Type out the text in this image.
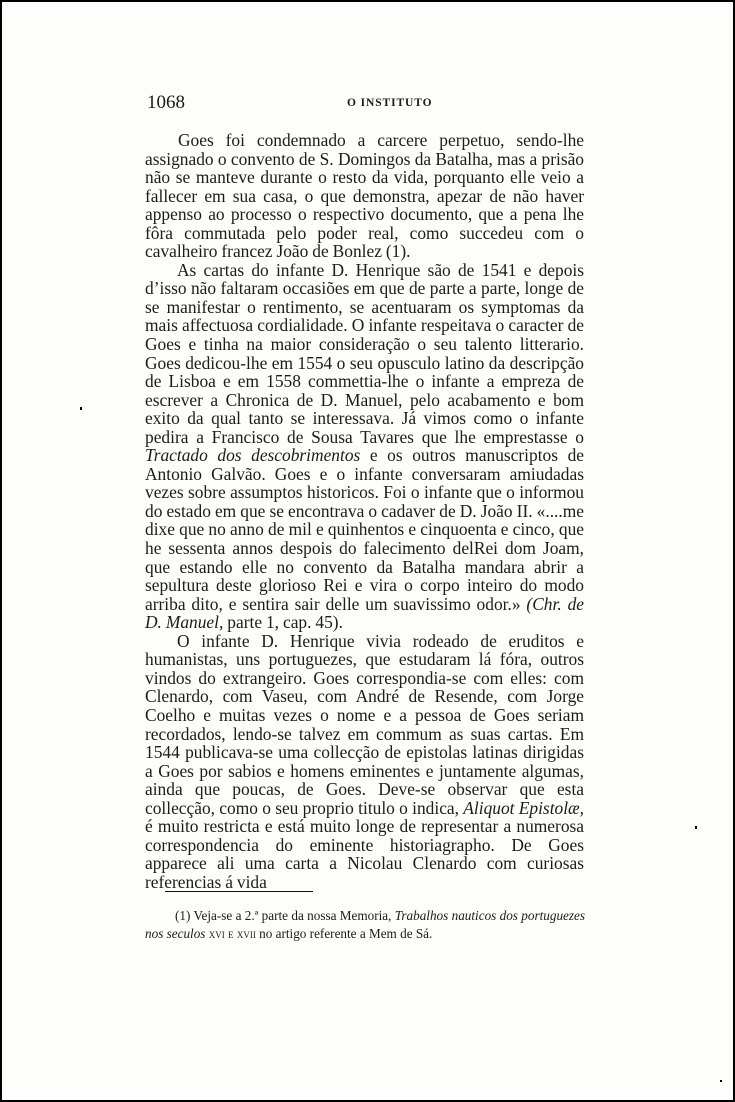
1068	O INSTITUTO

Goes foi condemnado a carcere perpetuo, sendo-lhe assignado o convento de S. Domingos da Batalha, mas a prisão não se manteve durante o resto da vida, porquanto elle veio a fallecer em sua casa, o que demonstra, apezar de não haver appenso ao processo o respectivo documento, que a pena lhe fôra commutada pelo poder real, como succedeu com o cavalheiro francez João de Bonlez (1).

As cartas do infante D. Henrique são de 1541 e depois d’isso não faltaram occasiões em que de parte a parte, longe de se manifestar o rentimento, se acentuaram os symptomas da mais affectuosa cordialidade. O infante respeitava o caracter de Goes e tinha na maior consideração o seu talento litterario. Goes dedicou-lhe em 1554 o seu opusculo latino da descripção de Lisboa e em 1558 commettia-lhe o infante a empreza de escrever a Chronica de D. Manuel, pelo acabamento e bom exito da qual tanto se interessava. Já vimos como o infante pedira a Francisco de Sousa Tavares que lhe emprestasse o Tractado dos descobrimentos e os outros manuscriptos de Antonio Galvão. Goes e o infante conversaram amiudadas vezes sobre assumptos historicos. Foi o infante que o informou do estado em que se encontrava o cadaver de D. João II. «....me dixe que no anno de mil e quinhentos e cinquoenta e cinco, que he sessenta annos despois do falecimento delRei dom Joam, que estando elle no convento da Batalha mandara abrir a sepultura deste glorioso Rei e vira o corpo inteiro do modo arriba dito, e sentira sair delle um suavissimo odor.» (Chr. de D. Manuel, parte 1, cap. 45).

O infante D. Henrique vivia rodeado de eruditos e humanistas, uns portuguezes, que estudaram lá fóra, outros vindos do extrangeiro. Goes correspondia-se com elles: com Clenardo, com Vaseu, com André de Resende, com Jorge Coelho e muitas vezes o nome e a pessoa de Goes seriam recordados, lendo-se talvez em commum as suas cartas. Em 1544 publicava-se uma collecção de epistolas latinas dirigidas a Goes por sabios e homens eminentes e juntamente algumas, ainda que poucas, de Goes. Deve-se observar que esta collecção, como o seu proprio titulo o indica, Aliquot Epistolæ, é muito restricta e está muito longe de representar a numerosa correspondencia do eminente historiagrapho. De Goes apparece ali uma carta a Nicolau Clenardo com curiosas referencias á vida

(1) Veja-se a 2.ª parte da nossa Memoria, Trabalhos nauticos dos portuguezes nos seculos xvi e xvii no artigo referente a Mem de Sá.
